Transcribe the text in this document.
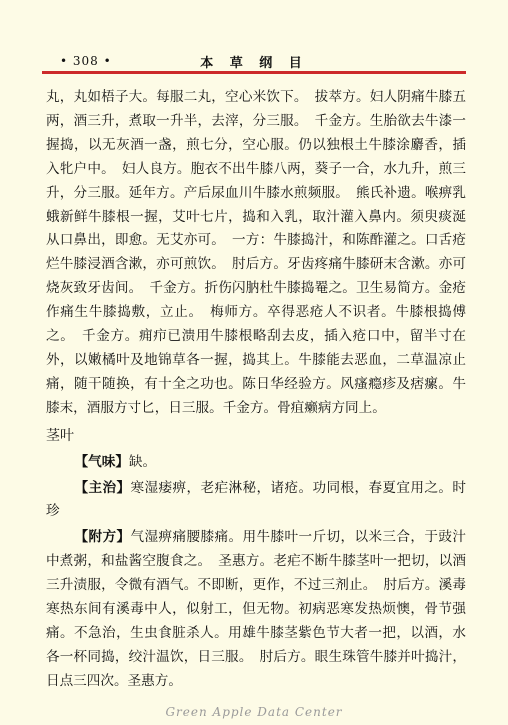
• 308 •	本 草 纲 目

丸，丸如梧子大。每服二丸，空心米饮下。　拔萃方。妇人阴痛牛膝五两，酒三升，煮取一升半，去滓，分三服。　千金方。生胎欲去牛漆一握捣，以无灰酒一盏，煎七分，空心服。仍以独根土牛膝涂麝香，插入牝户中。　妇人良方。胞衣不出牛膝八两，葵子一合，水九升，煎三升，分三服。延年方。产后尿血川牛膝水煎频服。　熊氏补遗。喉痹乳蛾新鲜牛膝根一握，艾叶七片，捣和入乳，取汁灌入鼻内。须臾痰涎从口鼻出，即愈。无艾亦可。　一方：牛膝捣汁，和陈酢灌之。口舌疮烂牛膝浸酒含漱，亦可煎饮。　肘后方。牙齿疼痛牛膝研末含漱。亦可烧灰致牙齿间。　千金方。折伤闪肭杜牛膝捣罨之。卫生易简方。金疮作痛生牛膝捣敷，立止。　梅师方。卒得恶疮人不识者。牛膝根捣傅之。　千金方。痈疖已溃用牛膝根略刮去皮，插入疮口中，留半寸在外，以嫩橘叶及地锦草各一握，捣其上。牛膝能去恶血，二草温凉止痛，随干随换，有十全之功也。陈日华经验方。风瘙瘾疹及痞瘰。牛膝末，酒服方寸匕，日三服。千金方。骨疽癞病方同上。

茎叶

【气味】缺。

【主治】寒湿痿痹，老疟淋秘，诸疮。功同根，春夏宜用之。时珍

【附方】气湿痹痛腰膝痛。用牛膝叶一斤切，以米三合，于豉汁中煮粥，和盐酱空腹食之。　圣惠方。老疟不断牛膝茎叶一把切，以酒三升渍服，令微有酒气。不即断，更作，不过三剂止。　肘后方。溪毒寒热东间有溪毒中人，似射工，但无物。初病恶寒发热烦懊，骨节强痛。不急治，生虫食脏杀人。用雄牛膝茎紫色节大者一把，以酒，水各一杯同捣，绞汁温饮，日三服。　肘后方。眼生珠管牛膝并叶捣汁，日点三四次。圣惠方。

Green Apple Data Center
